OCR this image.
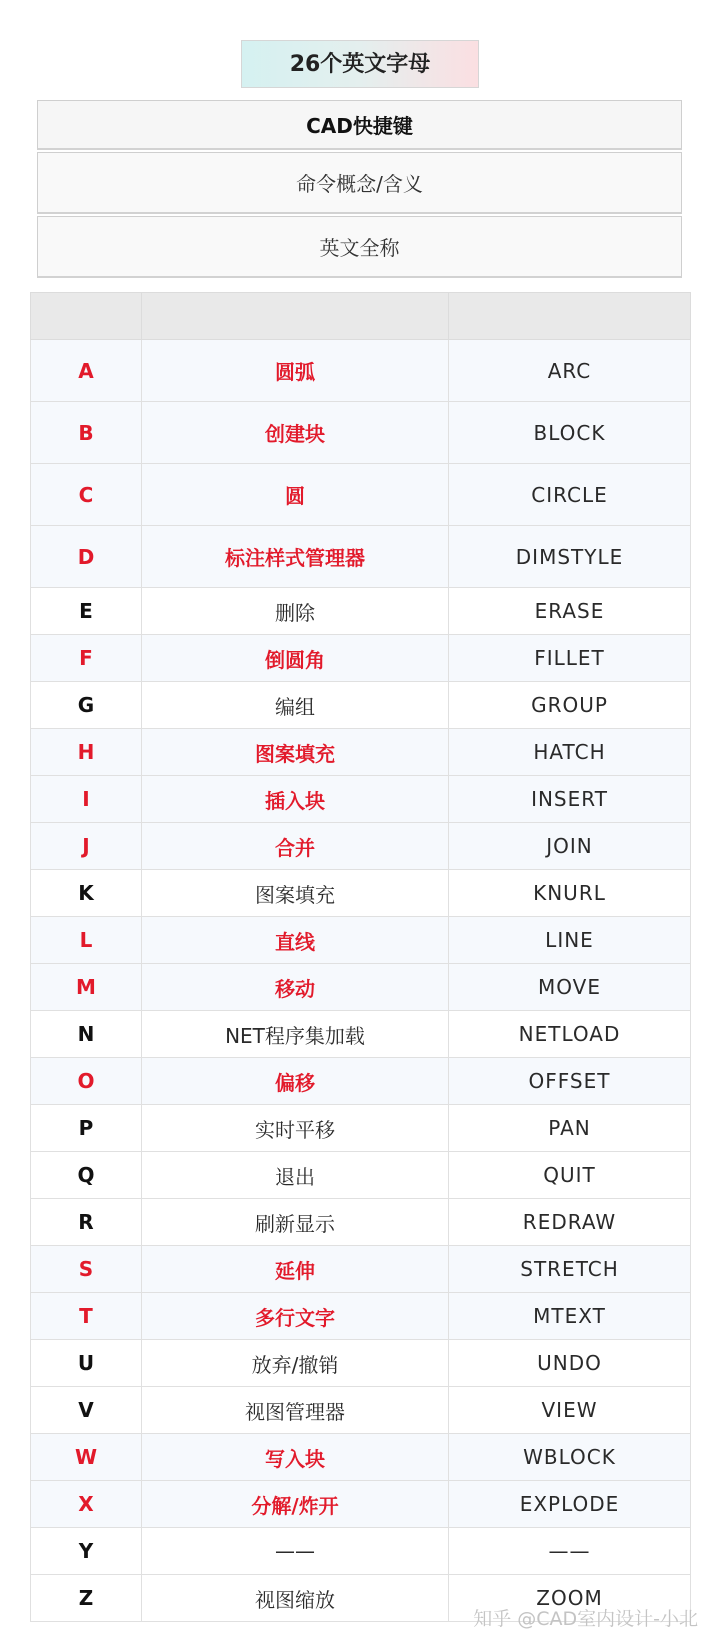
26个英文字母
CAD快捷键
命令概念/含义
英文全称

A	圆弧	ARC
B	创建块	BLOCK
C	圆	CIRCLE
D	标注样式管理器	DIMSTYLE
E	删除	ERASE
F	倒圆角	FILLET
G	编组	GROUP
H	图案填充	HATCH
I	插入块	INSERT
J	合并	JOIN
K	图案填充	KNURL
L	直线	LINE
M	移动	MOVE
N	NET程序集加载	NETLOAD
O	偏移	OFFSET
P	实时平移	PAN
Q	退出	QUIT
R	刷新显示	REDRAW
S	延伸	STRETCH
T	多行文字	MTEXT
U	放弃/撤销	UNDO
V	视图管理器	VIEW
W	写入块	WBLOCK
X	分解/炸开	EXPLODE
Y	——	——
Z	视图缩放	ZOOM
知乎 @CAD室内设计-小北
